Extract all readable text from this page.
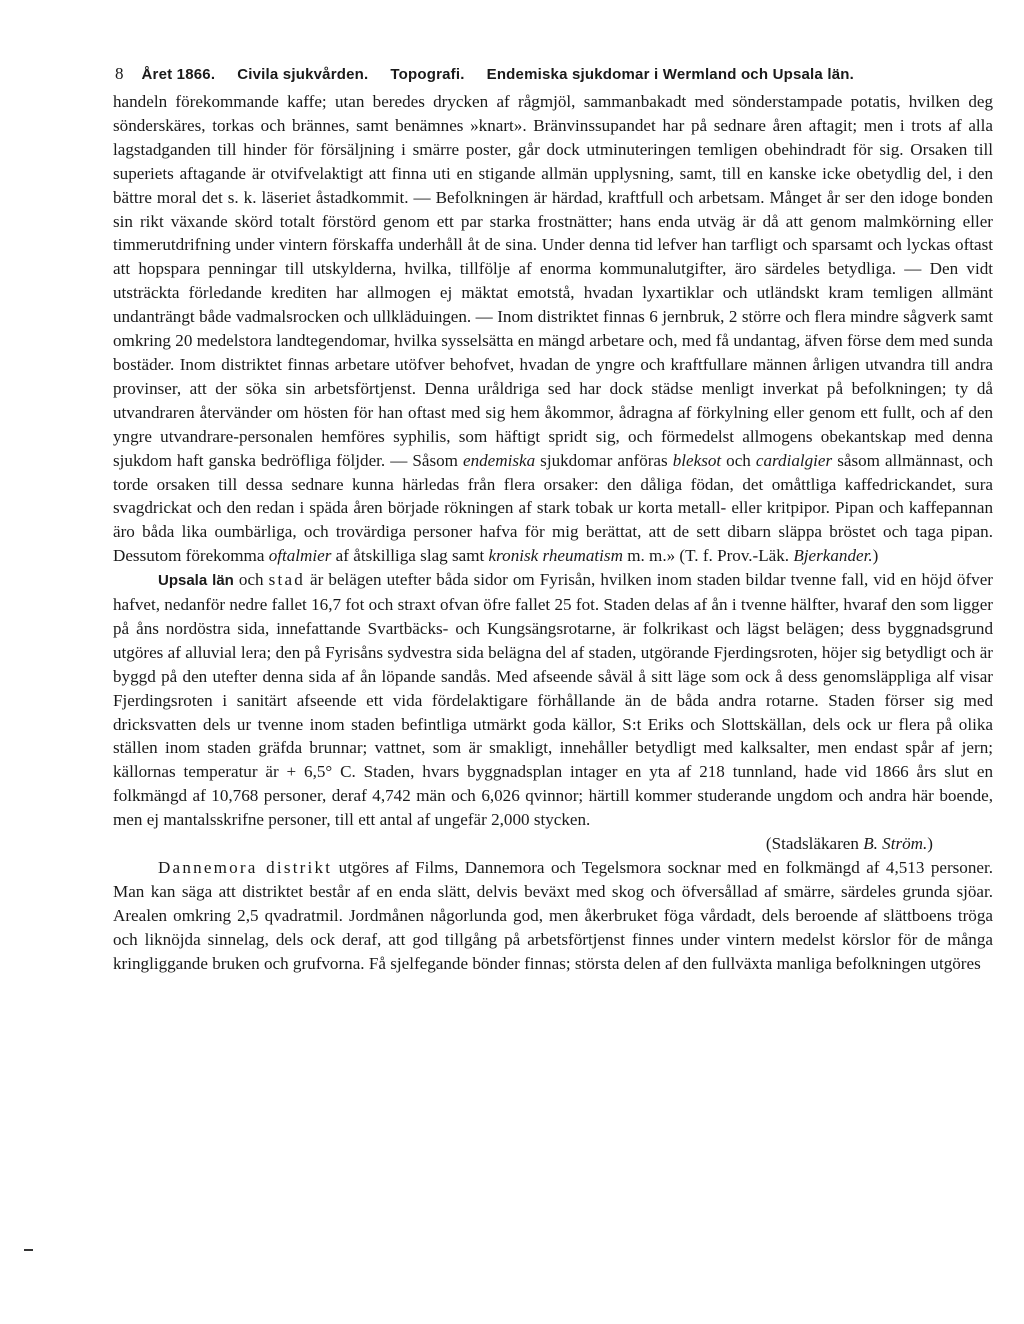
8 Året 1866. Civila sjukvården. Topografi. Endemiska sjukdomar i Wermland och Upsala län.

handeln förekommande kaffe; utan beredes drycken af rågmjöl, sammanbakadt med sönderstampade potatis, hvilken deg sönderskäres, torkas och brännes, samt benämnes »knart». Bränvinssupandet har på sednare åren aftagit; men i trots af alla lagstadganden till hinder för försäljning i smärre poster, går dock utminuteringen temligen obehindradt för sig. Orsaken till superiets aftagande är otvifvelaktigt att finna uti en stigande allmän upplysning, samt, till en kanske icke obetydlig del, i den bättre moral det s. k. läseriet åstadkommit. — Befolkningen är härdad, kraftfull och arbetsam. Månget år ser den idoge bonden sin rikt växande skörd totalt förstörd genom ett par starka frostnätter; hans enda utväg är då att genom malmkörning eller timmerutdrifning under vintern förskaffa underhåll åt de sina. Under denna tid lefver han tarfligt och sparsamt och lyckas oftast att hopspara penningar till utskylderna, hvilka, tillfölje af enorma kommunalutgifter, äro särdeles betydliga. — Den vidt utsträckta förledande krediten har allmogen ej mäktat emotstå, hvadan lyxartiklar och utländskt kram temligen allmänt undanträngt både vadmalsrocken och ullkläduingen. — Inom distriktet finnas 6 jernbruk, 2 större och flera mindre sågverk samt omkring 20 medelstora landtegendomar, hvilka sysselsätta en mängd arbetare och, med få undantag, äfven förse dem med sunda bostäder. Inom distriktet finnas arbetare utöfver behofvet, hvadan de yngre och kraftfullare männen årligen utvandra till andra provinser, att der söka sin arbetsförtjenst. Denna uråldriga sed har dock städse menligt inverkat på befolkningen; ty då utvandraren återvänder om hösten för han oftast med sig hem åkommor, ådragna af förkylning eller genom ett fullt, och af den yngre utvandrare-personalen hemföres syphilis, som häftigt spridt sig, och förmedelst allmogens obekantskap med denna sjukdom haft ganska bedröfliga följder. — Såsom endemiska sjukdomar anföras bleksot och cardialgier såsom allmännast, och torde orsaken till dessa sednare kunna härledas från flera orsaker: den dåliga födan, det omåttliga kaffedrickandet, sura svagdrickat och den redan i späda åren började rökningen af stark tobak ur korta metall- eller kritpipor. Pipan och kaffepannan äro båda lika oumbärliga, och trovärdiga personer hafva för mig berättat, att de sett dibarn släppa bröstet och taga pipan. Dessutom förekomma oftalmier af åtskilliga slag samt kronisk rheumatism m. m.» (T. f. Prov.-Läk. Bjerkander.)

Upsala län och stad är belägen utefter båda sidor om Fyrisån, hvilken inom staden bildar tvenne fall, vid en höjd öfver hafvet, nedanför nedre fallet 16,7 fot och straxt ofvan öfre fallet 25 fot. Staden delas af ån i tvenne hälfter, hvaraf den som ligger på åns nordöstra sida, innefattande Svartbäcks- och Kungsängsrotarne, är folkrikast och lägst belägen; dess byggnadsgrund utgöres af alluvial lera; den på Fyrisåns sydvestra sida belägna del af staden, utgörande Fjerdingsroten, höjer sig betydligt och är byggd på den utefter denna sida af ån löpande sandås. Med afseende såväl å sitt läge som ock å dess genomsläppliga alf visar Fjerdingsroten i sanitärt afseende ett vida fördelaktigare förhållande än de båda andra rotarne. Staden förser sig med dricksvatten dels ur tvenne inom staden befintliga utmärkt goda källor, S:t Eriks och Slottskällan, dels ock ur flera på olika ställen inom staden gräfda brunnar; vattnet, som är smakligt, innehåller betydligt med kalksalter, men endast spår af jern; källornas temperatur är + 6,5° C. Staden, hvars byggnadsplan intager en yta af 218 tunnland, hade vid 1866 års slut en folkmängd af 10,768 personer, deraf 4,742 män och 6,026 qvinnor; härtill kommer studerande ungdom och andra här boende, men ej mantalsskrifne personer, till ett antal af ungefär 2,000 stycken.

(Stadsläkaren B. Ström.)

Dannemora distrikt utgöres af Films, Dannemora och Tegelsmora socknar med en folkmängd af 4,513 personer. Man kan säga att distriktet består af en enda slätt, delvis beväxt med skog och öfversållad af smärre, särdeles grunda sjöar. Arealen omkring 2,5 qvadratmil. Jordmånen någorlunda god, men åkerbruket föga vårdadt, dels beroende af slättboens tröga och liknöjda sinnelag, dels ock deraf, att god tillgång på arbetsförtjenst finnes under vintern medelst körslor för de många kringliggande bruken och grufvorna. Få sjelfegande bönder finnas; största delen af den fullväxta manliga befolkningen utgöres
